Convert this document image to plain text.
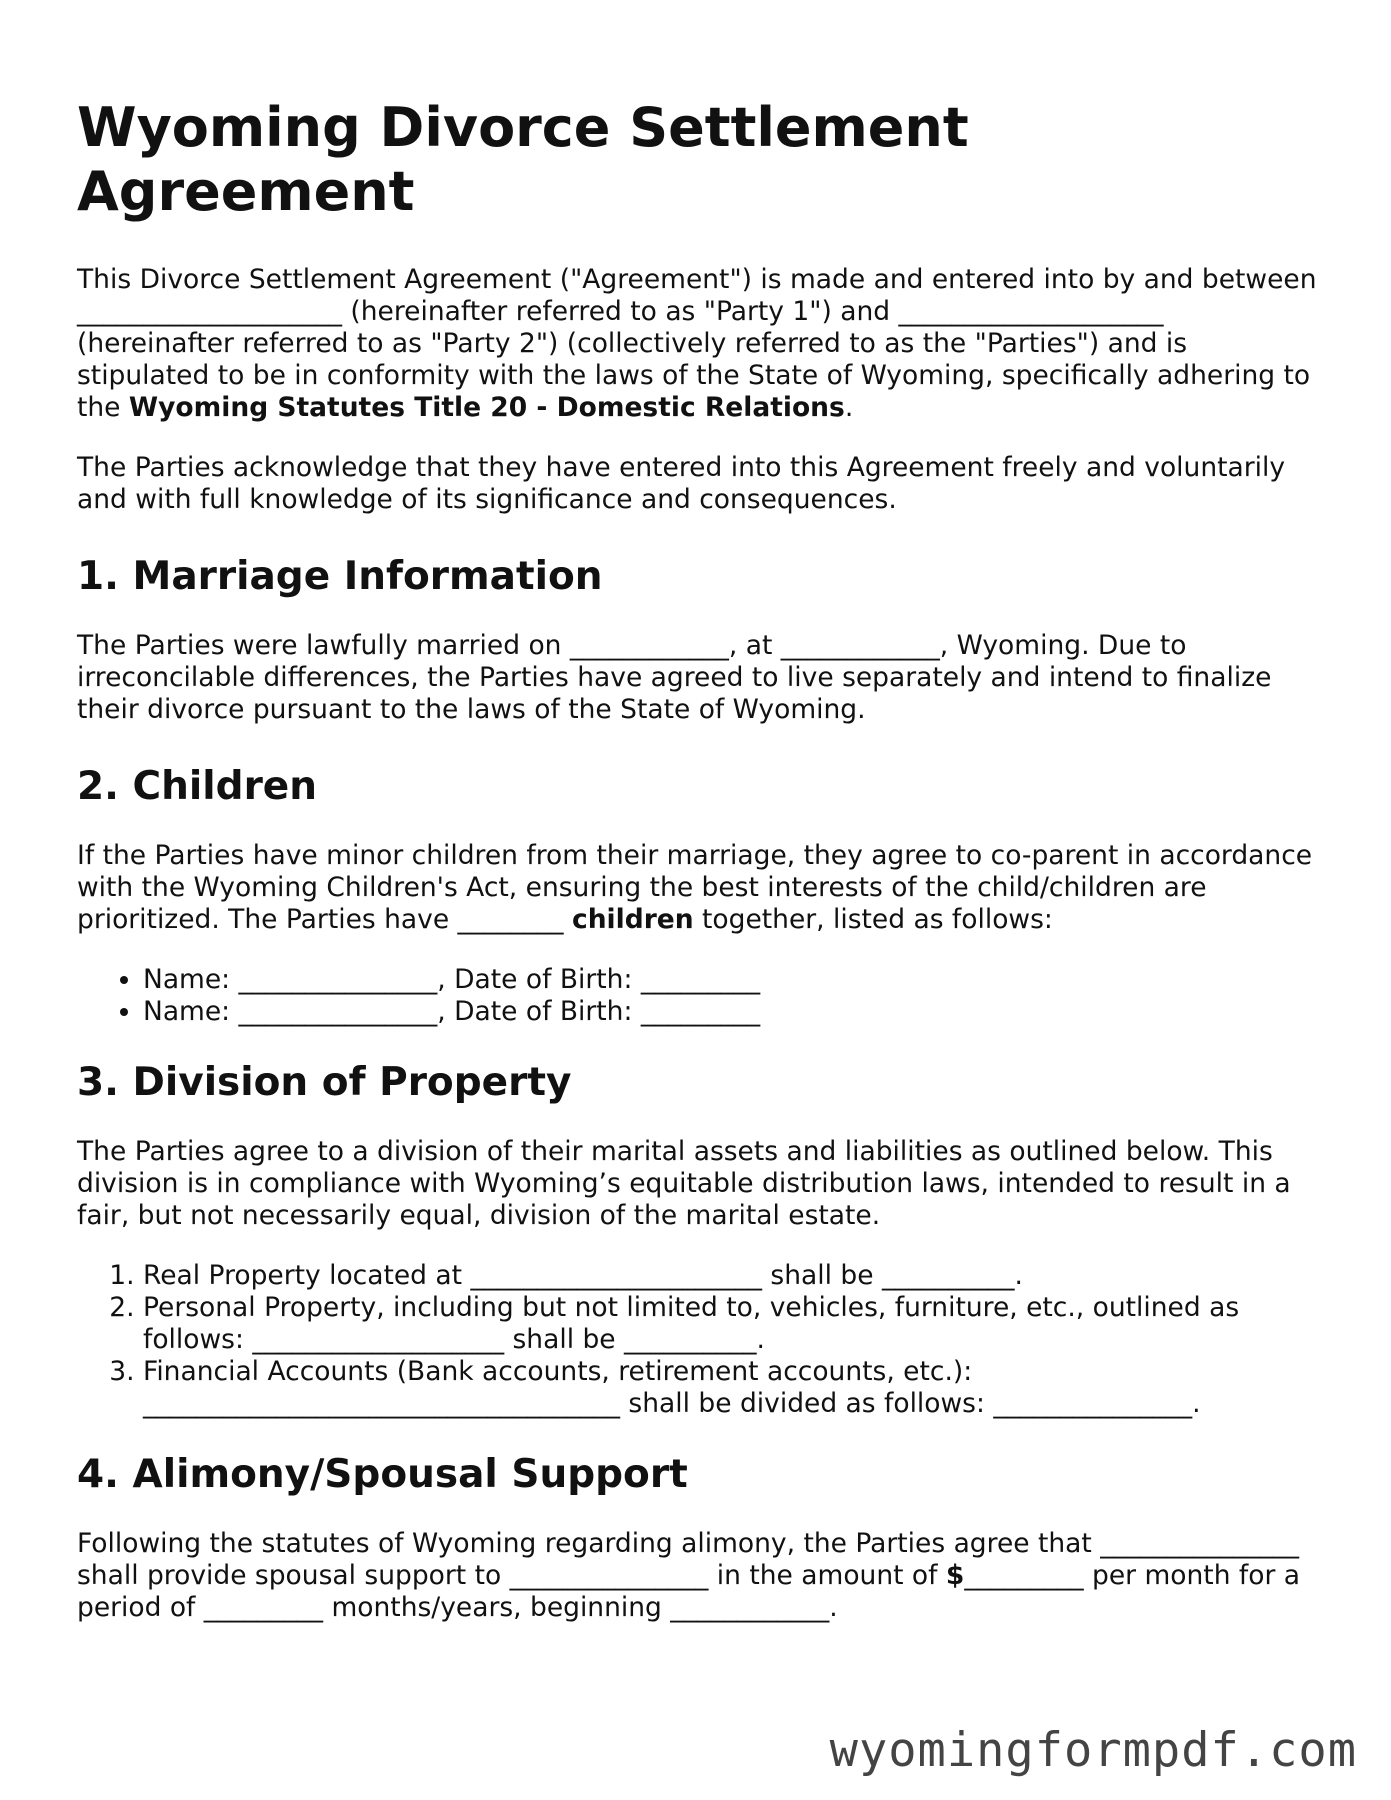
Wyoming Divorce Settlement Agreement

This Divorce Settlement Agreement ("Agreement") is made and entered into by and between ____________________ (hereinafter referred to as "Party 1") and ____________________ (hereinafter referred to as "Party 2") (collectively referred to as the "Parties") and is stipulated to be in conformity with the laws of the State of Wyoming, specifically adhering to the Wyoming Statutes Title 20 - Domestic Relations.

The Parties acknowledge that they have entered into this Agreement freely and voluntarily and with full knowledge of its significance and consequences.

1. Marriage Information

The Parties were lawfully married on ____________, at ____________, Wyoming. Due to irreconcilable differences, the Parties have agreed to live separately and intend to finalize their divorce pursuant to the laws of the State of Wyoming.

2. Children

If the Parties have minor children from their marriage, they agree to co-parent in accordance with the Wyoming Children's Act, ensuring the best interests of the child/children are prioritized. The Parties have ________ children together, listed as follows:

• Name: _______________, Date of Birth: _________
• Name: _______________, Date of Birth: _________
3. Division of Property

The Parties agree to a division of their marital assets and liabilities as outlined below. This division is in compliance with Wyoming’s equitable distribution laws, intended to result in a fair, but not necessarily equal, division of the marital estate.

1. Real Property located at ______________________ shall be __________.
2. Personal Property, including but not limited to, vehicles, furniture, etc., outlined as follows: ___________________ shall be __________.
3. Financial Accounts (Bank accounts, retirement accounts, etc.): ____________________________________ shall be divided as follows: _______________.
4. Alimony/Spousal Support

Following the statutes of Wyoming regarding alimony, the Parties agree that _______________ shall provide spousal support to _______________ in the amount of $_________ per month for a period of _________ months/years, beginning ____________.

wyomingformpdf.com
